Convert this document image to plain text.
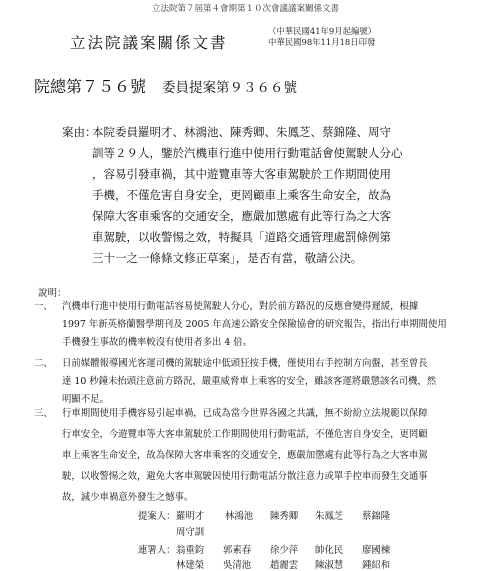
立法院第７屆第４會期第１０次會議議案關係文書
立法院議案關係文書
（中華民國41年9月起編號）
中華民國98年11月18日印發
院總第７５６號 委員提案第９３６６號
案由：
本院委員羅明才、林鴻池、陳秀卿、朱鳳芝、蔡錦隆、周守
訓等２９人，鑒於汽機車行進中使用行動電話會使駕駛人分心
，容易引發車禍，其中遊覽車等大客車駕駛於工作期間使用
手機，不僅危害自身安全，更罔顧車上乘客生命安全，故為
保障大客車乘客的交通安全，應嚴加懲處有此等行為之大客
車駕駛，以收警惕之效，特擬具「道路交通管理處罰條例第
三十一之一條條文修正草案」，是否有當，敬請公決。
說明：
一、 汽機車行進中使用行動電話容易使駕駛人分心，對於前方路況的反應會變得遲緩，根據
1997 年新英格蘭醫學期刊及 2005 年高速公路安全保險協會的研究報告，指出行車期間使用
手機發生事故的機率較沒有使用者多出 4 倍。
二、 日前媒體報導國光客運司機的駕駛途中低頭狂按手機，僅使用右手控制方向盤，甚至曾長
達 10 秒鐘未抬頭注意前方路況，嚴重威脅車上乘客的安全，雖該客運將嚴懲該名司機，然
明顯不足。
三、 行車期間使用手機容易引起車禍，已成為當今世界各國之共識，無不紛紛立法規範以保障
行車安全，今遊覽車等大客車駕駛於工作期間使用行動電話，不僅危害自身安全，更罔顧
車上乘客生命安全，故為保障大客車乘客的交通安全，應嚴加懲處有此等行為之大客車駕
駛，以收警惕之效，避免大客車駕駛因使用行動電話分散注意力或單手控車而發生交通事
故，減少車禍意外發生之憾事。
提案人： 羅明才 林鴻池 陳秀卿 朱鳳芝 蔡錦隆
周守訓
連署人： 翁重鈞 郭素春 徐少萍 帥化民 廖國棟
林建榮 吳清池 趙麗雲 陳淑慧 鍾紹和
